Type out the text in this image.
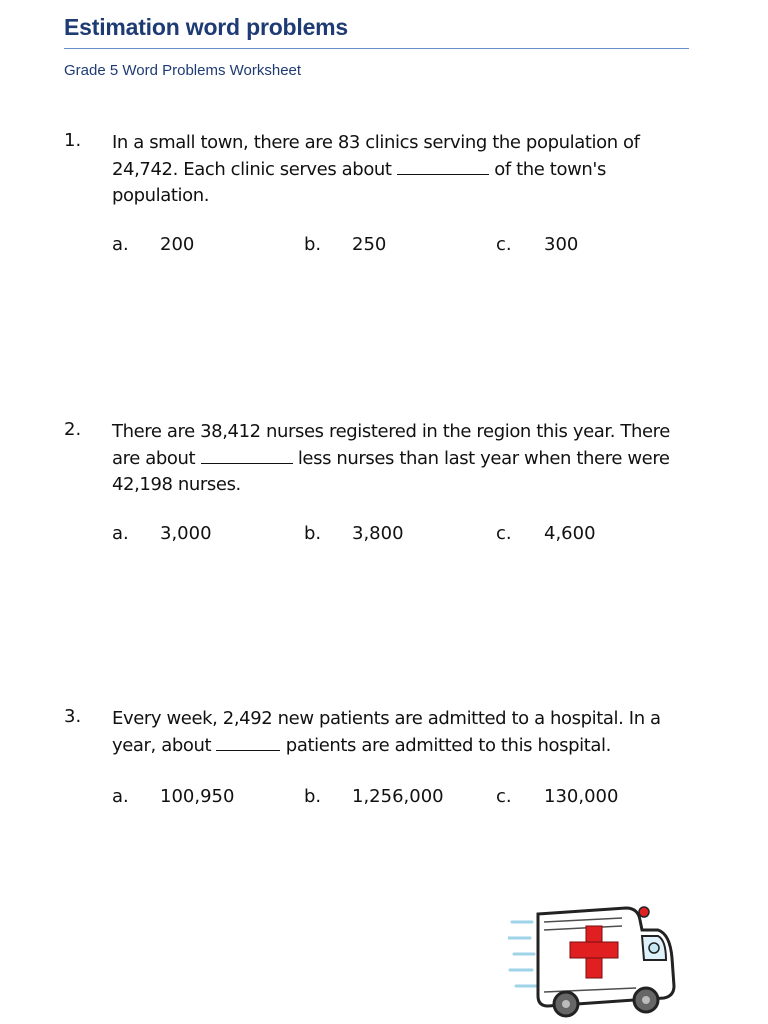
Estimation word problems
Grade 5 Word Problems Worksheet
1. In a small town, there are 83 clinics serving the population of 24,742. Each clinic serves about	of the town's population.
a. 200	b. 250	c. 300
2. There are 38,412 nurses registered in the region this year. There are about	less nurses than last year when there were 42,198 nurses.
a. 3,000	b. 3,800	c. 4,600
3. Every week, 2,492 new patients are admitted to a hospital. In a year, about	patients are admitted to this hospital.
a. 100,950	b. 1,256,000	c. 130,000
